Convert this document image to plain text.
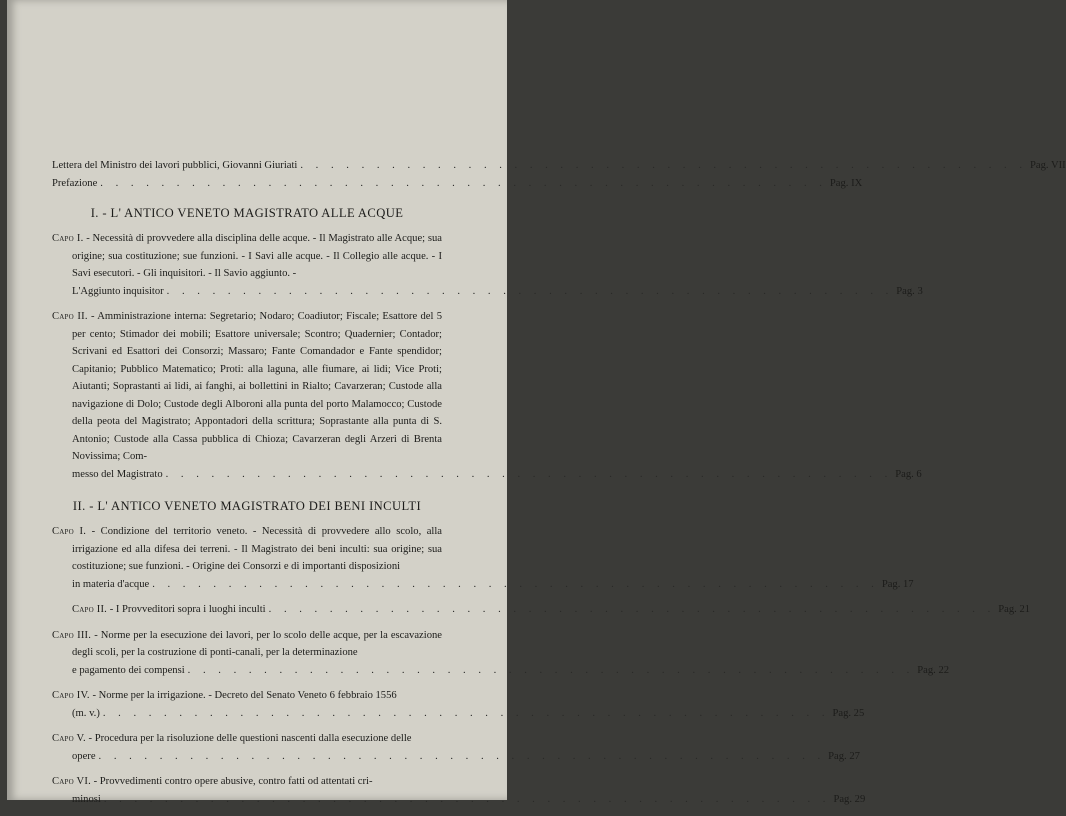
Lettera del Ministro dei lavori pubblici, Giovanni Giuriati . . . . . . . . . . . . . . . . . . . . . . . . . . . . . . . . . . . . . . . . . . . . . . . . Pag. VII
Prefazione . . . . . . . . . . . . . . . . . . . . . . . . . . . . . . . . . . . . . . . . . . . . . . . . Pag. IX
I. - L' ANTICO VENETO MAGISTRATO ALLE ACQUE
Capo I. - Necessità di provvedere alla disciplina delle acque. - Il Magistrato alle Acque; sua origine; sua costituzione; sue funzioni. - I Savi alle acque. - Il Collegio alle acque. - I Savi esecutori. - Gli inquisitori. - Il Savio aggiunto. -
L'Aggiunto inquisitor . . . . . . . . . . . . . . . . . . . . . . . . . . . . . . . . . . . . . . . . . . . . . . . . Pag. 3
Capo II. - Amministrazione interna: Segretario; Nodaro; Coadiutor; Fiscale; Esattore del 5 per cento; Stimador dei mobili; Esattore universale; Scontro; Quadernier; Contador; Scrivani ed Esattori dei Consorzi; Massaro; Fante Comandador e Fante spendidor; Capitanio; Pubblico Matematico; Proti: alla laguna, alle fiumare, ai lidi; Vice Proti; Aiutanti; Soprastanti ai lidi, ai fanghi, ai bollettini in Rialto; Cavarzeran; Custode alla navigazione di Dolo; Custode degli Alboroni alla punta del porto Malamocco; Custode della peota del Magistrato; Appontadori della scrittura; Soprastante alla punta di S. Antonio; Custode alla Cassa pubblica di Chioza; Cavarzeran degli Arzeri di Brenta Novissima; Com-
messo del Magistrato . . . . . . . . . . . . . . . . . . . . . . . . . . . . . . . . . . . . . . . . . . . . . . . . Pag. 6
II. - L' ANTICO VENETO MAGISTRATO DEI BENI INCULTI
Capo I. - Condizione del territorio veneto. - Necessità di provvedere allo scolo, alla irrigazione ed alla difesa dei terreni. - Il Magistrato dei beni inculti: sua origine; sua costituzione; sue funzioni. - Origine dei Consorzi e di importanti disposizioni
in materia d'acque . . . . . . . . . . . . . . . . . . . . . . . . . . . . . . . . . . . . . . . . . . . . . . . . Pag. 17
Capo II. - I Provveditori sopra i luoghi inculti . . . . . . . . . . . . . . . . . . . . . . . . . . . . . . . . . . . . . . . . . . . . . . . . Pag. 21
Capo III. - Norme per la esecuzione dei lavori, per lo scolo delle acque, per la escavazione degli scoli, per la costruzione di ponti-canali, per la determinazione
e pagamento dei compensi . . . . . . . . . . . . . . . . . . . . . . . . . . . . . . . . . . . . . . . . . . . . . . . . Pag. 22
Capo IV. - Norme per la irrigazione. - Decreto del Senato Veneto 6 febbraio 1556
(m. v.) . . . . . . . . . . . . . . . . . . . . . . . . . . . . . . . . . . . . . . . . . . . . . . . . Pag. 25
Capo V. - Procedura per la risoluzione delle questioni nascenti dalla esecuzione delle
opere . . . . . . . . . . . . . . . . . . . . . . . . . . . . . . . . . . . . . . . . . . . . . . . . Pag. 27
Capo VI. - Provvedimenti contro opere abusive, contro fatti od attentati cri-
minosi . . . . . . . . . . . . . . . . . . . . . . . . . . . . . . . . . . . . . . . . . . . . . . . . Pag. 29
